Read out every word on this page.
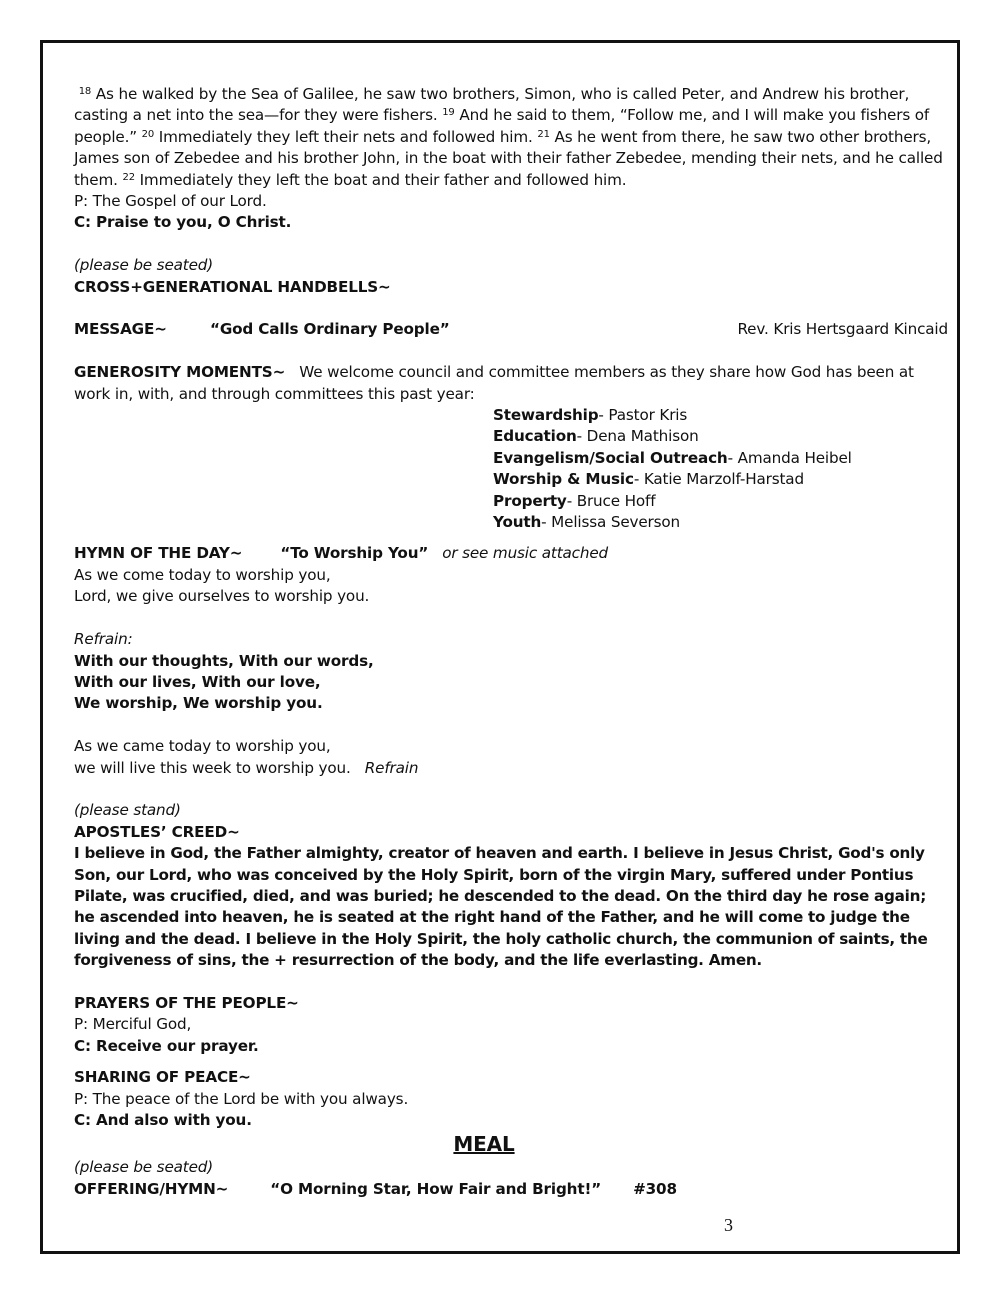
$^{18}$ As he walked by the Sea of Galilee, he saw two brothers, Simon, who is called Peter, and Andrew his brother, casting a net into the sea—for they were fishers. $^{19}$ And he said to them, “Follow me, and I will make you fishers of people.” $^{20}$ Immediately they left their nets and followed him. $^{21}$ As he went from there, he saw two other brothers, James son of Zebedee and his brother John, in the boat with their father Zebedee, mending their nets, and he called them. $^{22}$ Immediately they left the boat and their father and followed him.
P: The Gospel of our Lord.
C: Praise to you, O Christ.
(please be seated)
CROSS+GENERATIONAL HANDBELLS~
MESSAGE~	“God Calls Ordinary People”	Rev. Kris Hertsgaard Kincaid
GENEROSITY MOMENTS~ We welcome council and committee members as they share how God has been at
work in, with, and through committees this past year:
Stewardship- Pastor Kris
Education- Dena Mathison
Evangelism/Social Outreach- Amanda Heibel
Worship & Music- Katie Marzolf-Harstad
Property- Bruce Hoff
Youth- Melissa Severson
HYMN OF THE DAY~	“To Worship You” or see music attached
As we come today to worship you,
Lord, we give ourselves to worship you.
Refrain:
With our thoughts, With our words,
With our lives, With our love,
We worship, We worship you.
As we came today to worship you,
we will live this week to worship you. Refrain
(please stand)
APOSTLES’ CREED~
I believe in God, the Father almighty, creator of heaven and earth. I believe in Jesus Christ, God's only Son, our Lord, who was conceived by the Holy Spirit, born of the virgin Mary, suffered under Pontius Pilate, was crucified, died, and was buried; he descended to the dead. On the third day he rose again; he ascended into heaven, he is seated at the right hand of the Father, and he will come to judge the living and the dead. I believe in the Holy Spirit, the holy catholic church, the communion of saints, the forgiveness of sins, the + resurrection of the body, and the life everlasting. Amen.
PRAYERS OF THE PEOPLE~
P: Merciful God,
C: Receive our prayer.
SHARING OF PEACE~
P: The peace of the Lord be with you always.
C: And also with you.
MEAL
(please be seated)
OFFERING/HYMN~	“O Morning Star, How Fair and Bright!” #308
3
